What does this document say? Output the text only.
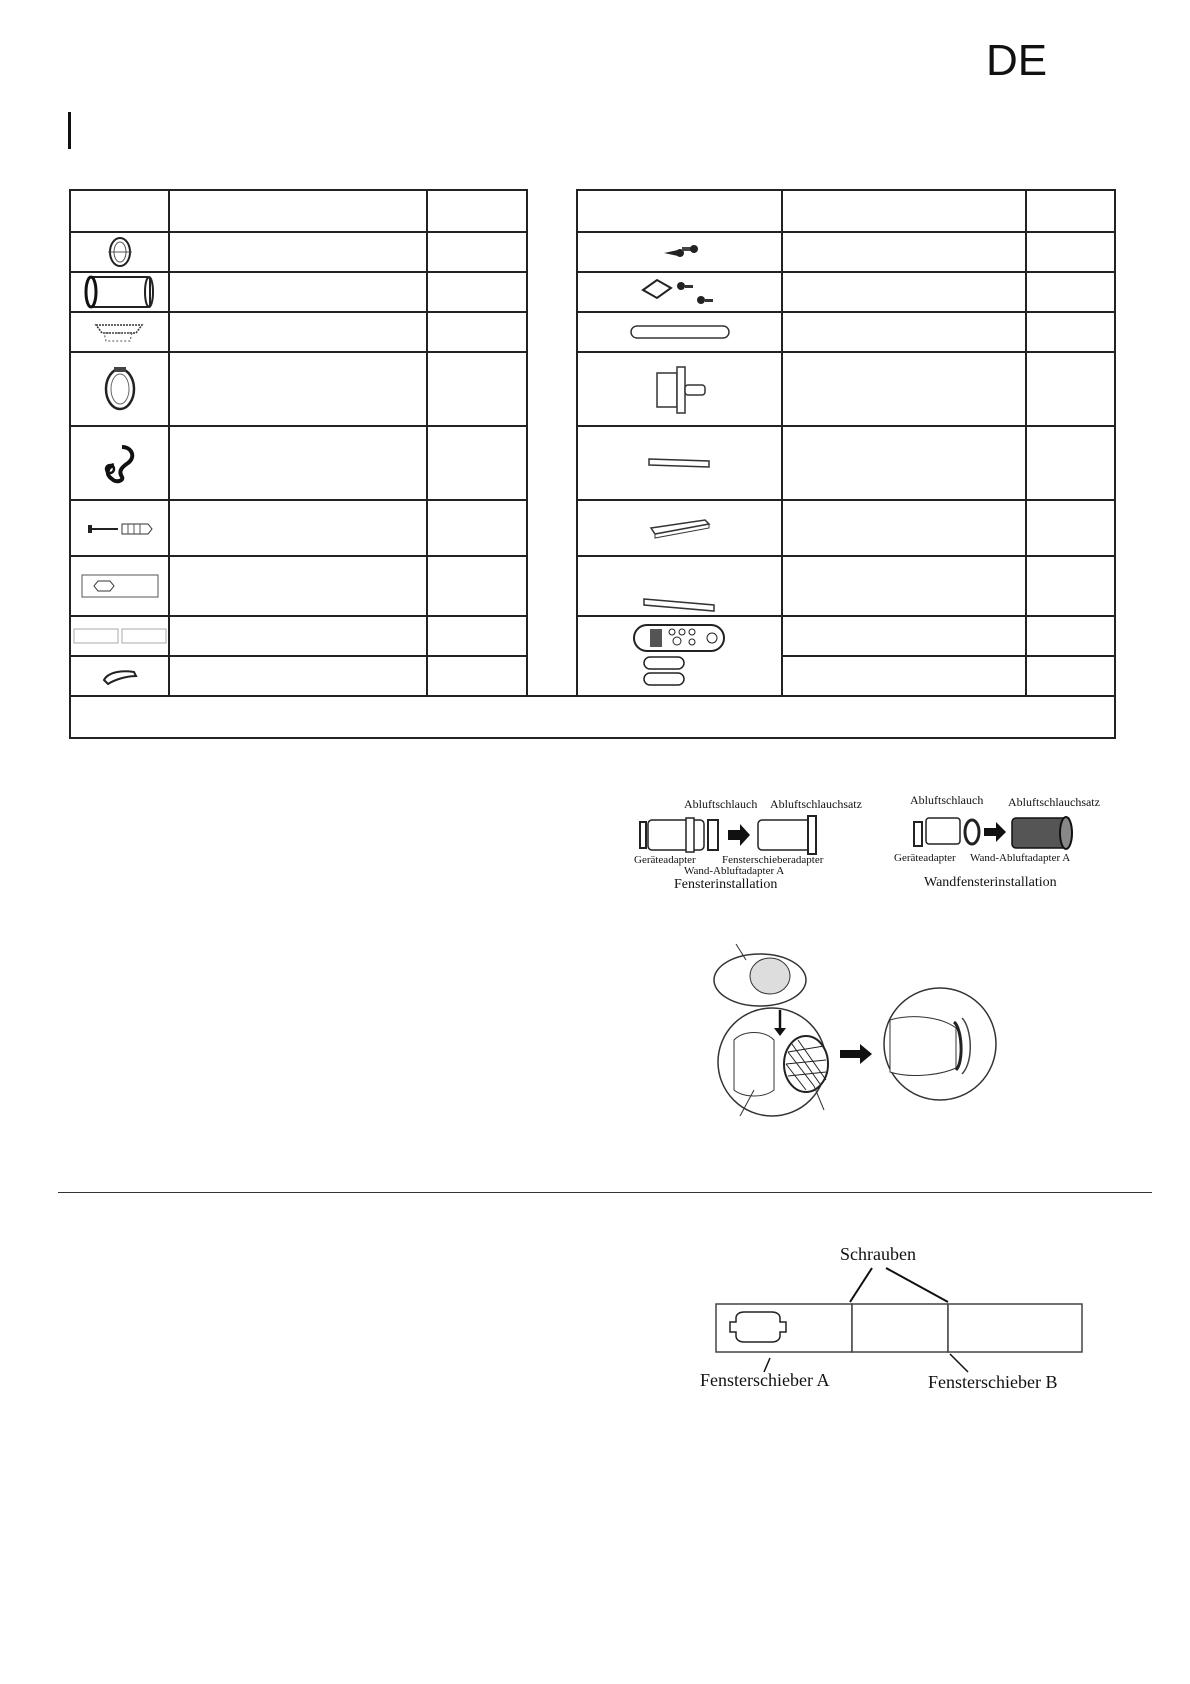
DE

Abluftschlauch Abluftschlauchsatz
Geräteadapter Fensterschieberadapter
Wand-Abluftadapter A
Fensterinstallation
Abluftschlauch Abluftschlauchsatz
Geräteadapter Wand-Abluftadapter A
Wandfensterinstallation
Schrauben
Fensterschieber A	Fensterschieber B
